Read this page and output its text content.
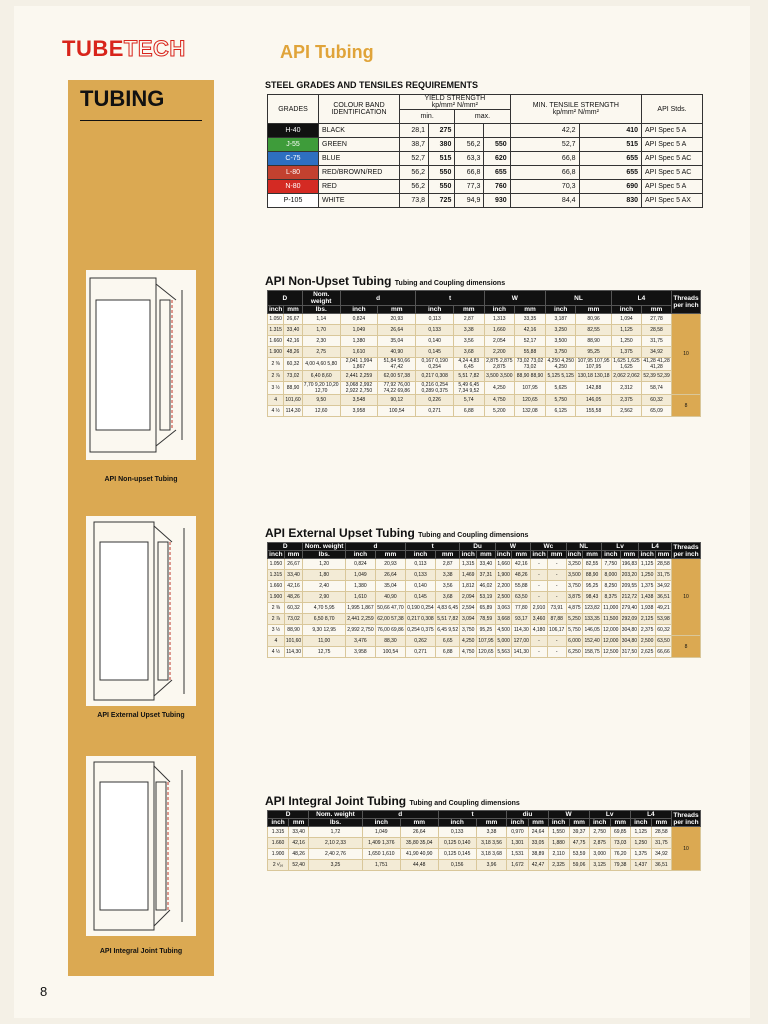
TUBETECH	API Tubing
TUBING
API Non-upset Tubing
API External Upset Tubing
API Integral Joint Tubing
8
STEEL GRADES AND TENSILES REQUIREMENTS
GRADES	COLOUR BAND IDENTIFICATION	YIELD STRENGTH
kp/mm² N/mm²				MIN. TENSILE STRENGTH
kp/mm² N/mm²		API Stds.
		min.		max.				
H-40	BLACK	28,1	275			42,2	410	API Spec 5 A
J-55	GREEN	38,7	380	56,2	550	52,7	515	API Spec 5 A
C-75	BLUE	52,7	515	63,3	620	66,8	655	API Spec 5 AC
L-80	RED/BROWN/RED	56,2	550	66,8	655	66,8	655	API Spec 5 AC
N-80	RED	56,2	550	77,3	760	70,3	690	API Spec 5 A
P-105	WHITE	73,8	725	94,9	930	84,4	830	API Spec 5 AX
API Non-Upset Tubing Tubing and Coupling dimensions
D		Nom. weight	d		t		W		NL		L4		Threads per inch
inch	mm	lbs.	inch	mm	inch	mm	inch	mm	inch	mm	inch	mm	
1.050	26,67	1,14	0,824	20,93	0,113	2,87	1,313	33,35	3,187	80,96	1,094	27,78	10
1.315	33,40	1,70	1,049	26,64	0,133	3,38	1,660	42,16	3,250	82,55	1,125	28,58	
1.660	42,16	2,30	1,380	35,04	0,140	3,56	2,054	52,17	3,500	88,90	1,250	31,75	
1.900	48,26	2,75	1,610	40,90	0,145	3,68	2,200	55,88	3,750	95,25	1,375	34,92	
2 ⅜	60,32	4,00 4,60 5,80	2,041 1,994 1,867	51,84 50,66 47,42	0,167 0,190 0,254	4,24 4,83 6,45	2,875 2,875 2,875	73,02 73,02 73,02	4,250 4,250 4,250	107,95 107,95 107,95	1,625 1,625 1,625	41,28 41,28 41,28	
2 ⅞	73,02	6,40 8,60	2,441 2,259	62,00 57,38	0,217 0,308	5,51 7,82	3,500 3,500	88,90 88,90	5,125 5,125	130,18 130,18	2,062 2,062	52,39 52,39	
3 ½	88,90	7,70 9,20 10,20 12,70	3,068 2,992 2,922 2,750	77,92 76,00 74,22 69,86	0,216 0,254 0,289 0,375	5,49 6,45 7,34 9,52	4,250	107,95	5,625	142,88	2,312	58,74	
4	101,60	9,50	3,548	90,12	0,226	5,74	4,750	120,65	5,750	146,05	2,375	60,32	8
4 ½	114,30	12,60	3,958	100,54	0,271	6,88	5,200	132,08	6,125	155,58	2,562	65,09	
API External Upset Tubing Tubing and Coupling dimensions
D		Nom. weight	d		t		Du		W		Wc		NL		Lv		L4		Threads per inch
inch	mm	lbs.	inch	mm	inch	mm	inch	mm	inch	mm	inch	mm	inch	mm	inch	mm	inch	mm	
1.050	26,67	1,20	0,824	20,93	0,113	2,87	1,315	33,40	1,660	42,16	-	-	3,250	82,55	7,750	196,83	1,125	28,58	10
1.315	33,40	1,80	1,049	26,64	0,133	3,38	1,469	37,31	1,900	48,26	-	-	3,500	88,90	8,000	203,20	1,250	31,75	
1.660	42,16	2,40	1,380	35,04	0,140	3,56	1,812	46,02	2,200	55,88	-	-	3,750	95,25	8,250	209,55	1,375	34,92	
1.900	48,26	2,90	1,610	40,90	0,145	3,68	2,094	53,19	2,500	63,50	-	-	3,875	98,43	8,375	212,72	1,438	36,51	
2 ⅜	60,32	4,70 5,95	1,995 1,867	50,66 47,70	0,190 0,254	4,83 6,45	2,594	65,89	3,063	77,80	2,910	73,91	4,875	123,82	11,000	279,40	1,938	49,21	
2 ⅞	73,02	6,50 8,70	2,441 2,259	62,00 57,38	0,217 0,308	5,51 7,82	3,094	78,59	3,668	93,17	3,460	87,88	5,250	133,35	11,500	292,09	2,125	53,98	
3 ½	88,90	9,30 12,95	2,992 2,750	76,00 69,86	0,254 0,375	6,45 9,52	3,750	95,25	4,500	114,30	4,180	106,17	5,750	146,05	12,000	304,80	2,375	60,32	
4	101,60	11,00	3,476	88,30	0,262	6,65	4,250	107,95	5,000	127,00	-	-	6,000	152,40	12,000	304,80	2,500	63,50	8
4 ½	114,30	12,75	3,958	100,54	0,271	6,88	4,750	120,65	5,563	141,30	-	-	6,250	158,75	12,500	317,50	2,625	66,66	
API Integral Joint Tubing Tubing and Coupling dimensions
D		Nom. weight	d		t		diu		W		Lv		L4		Threads per inch
inch	mm	lbs.	inch	mm	inch	mm	inch	mm	inch	mm	inch	mm	inch	mm	
1.315	33,40	1,72	1,049	26,64	0,133	3,38	0,970	24,64	1,550	39,37	2,750	69,85	1,125	28,58	10
1.660	42,16	2,10 2,33	1,409 1,376	35,80 35,04	0,125 0,140	3,18 3,56	1,301	33,05	1,880	47,75	2,875	73,03	1,250	31,75	
1.900	48,26	2,40 2,76	1,650 1,610	41,90 40,90	0,125 0,145	3,18 3,68	1,531	38,89	2,110	53,59	3,000	76,20	1,375	34,92	
2 ¹⁄₁₆	52,40	3,25	1,751	44,48	0,156	3,96	1,672	42,47	2,325	59,06	3,125	79,38	1,437	36,51	
